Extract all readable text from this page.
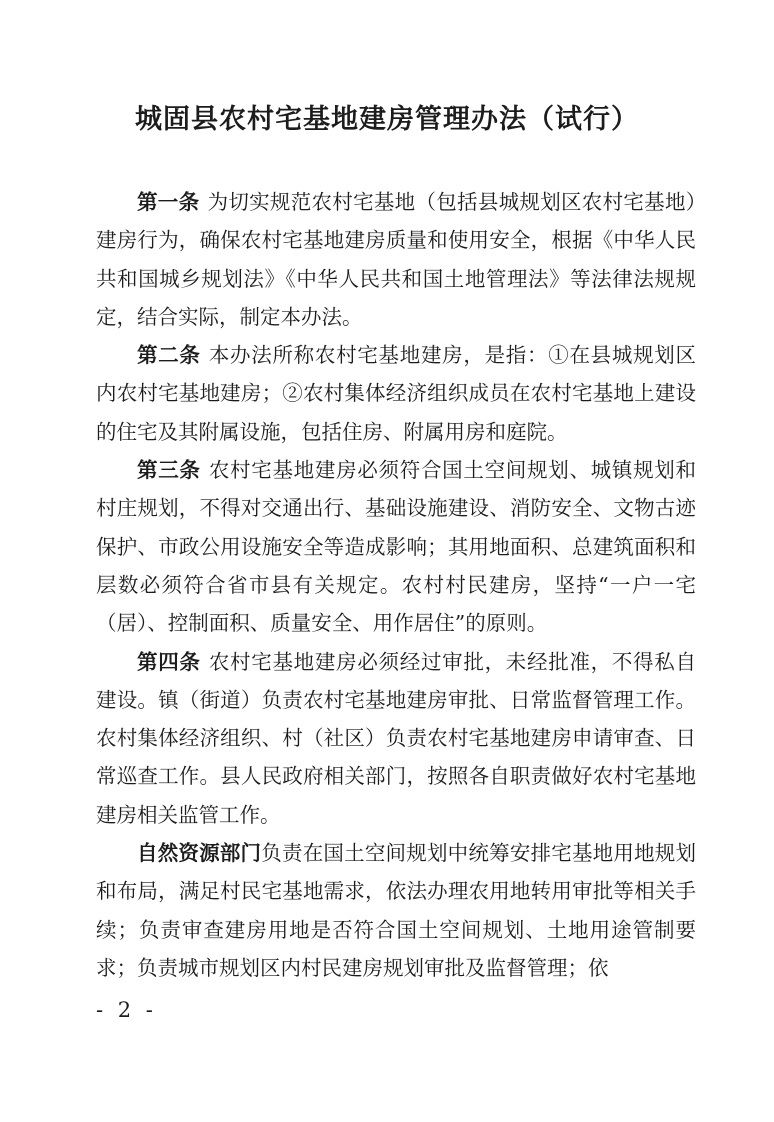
城固县农村宅基地建房管理办法（试行）

第一条 为切实规范农村宅基地（包括县城规划区农村宅基地）建房行为，确保农村宅基地建房质量和使用安全，根据《中华人民共和国城乡规划法》《中华人民共和国土地管理法》等法律法规规定，结合实际，制定本办法。

第二条 本办法所称农村宅基地建房，是指：①在县城规划区内农村宅基地建房；②农村集体经济组织成员在农村宅基地上建设的住宅及其附属设施，包括住房、附属用房和庭院。

第三条 农村宅基地建房必须符合国土空间规划、城镇规划和村庄规划，不得对交通出行、基础设施建设、消防安全、文物古迹保护、市政公用设施安全等造成影响；其用地面积、总建筑面积和层数必须符合省市县有关规定。农村村民建房，坚持“一户一宅（居）、控制面积、质量安全、用作居住”的原则。

第四条 农村宅基地建房必须经过审批，未经批准，不得私自建设。镇（街道）负责农村宅基地建房审批、日常监督管理工作。农村集体经济组织、村（社区）负责农村宅基地建房申请审查、日常巡查工作。县人民政府相关部门，按照各自职责做好农村宅基地建房相关监管工作。

自然资源部门负责在国土空间规划中统筹安排宅基地用地规划和布局，满足村民宅基地需求，依法办理农用地转用审批等相关手续；负责审查建房用地是否符合国土空间规划、土地用途管制要求；负责城市规划区内村民建房规划审批及监督管理；依

- 2 -
